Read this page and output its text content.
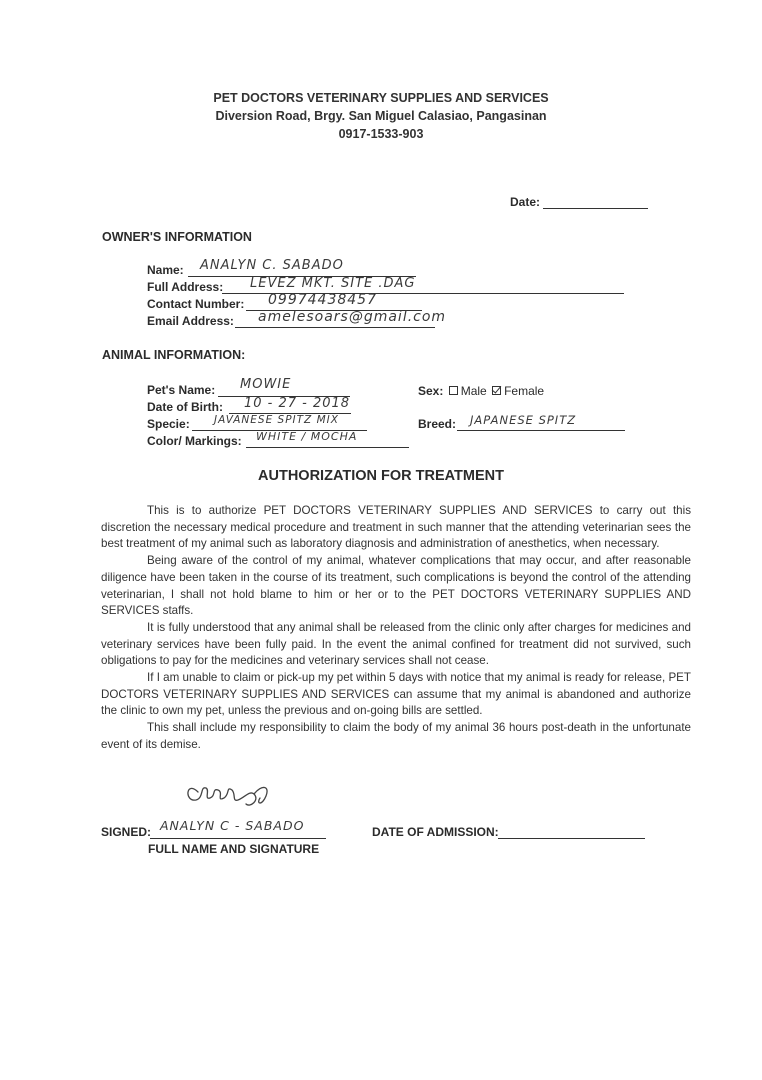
PET DOCTORS VETERINARY SUPPLIES AND SERVICES
Diversion Road, Brgy. San Miguel Calasiao, Pangasinan
0917-1533-903
Date:
OWNER'S INFORMATION
Name: ANALYN C. SABADO
Full Address: LEVEZ MKT. SITE .DAG
Contact Number: 09974438457
Email Address: amelesoars@gmail.com
ANIMAL INFORMATION:
Pet's Name: MOWIE
Date of Birth: 10 - 27 - 2018
Specie: JAVANESE SPITZ MIX
Color/ Markings: WHITE / MOCHA
Sex: Male Female
Breed: JAPANESE SPITZ
AUTHORIZATION FOR TREATMENT

This is to authorize PET DOCTORS VETERINARY SUPPLIES AND SERVICES to carry out this discretion the necessary medical procedure and treatment in such manner that the attending veterinarian sees the best treatment of my animal such as laboratory diagnosis and administration of anesthetics, when necessary.

Being aware of the control of my animal, whatever complications that may occur, and after reasonable diligence have been taken in the course of its treatment, such complications is beyond the control of the attending veterinarian, I shall not hold blame to him or her or to the PET DOCTORS VETERINARY SUPPLIES AND SERVICES staffs.

It is fully understood that any animal shall be released from the clinic only after charges for medicines and veterinary services have been fully paid. In the event the animal confined for treatment did not survived, such obligations to pay for the medicines and veterinary services shall not cease.

If I am unable to claim or pick-up my pet within 5 days with notice that my animal is ready for release, PET DOCTORS VETERINARY SUPPLIES AND SERVICES can assume that my animal is abandoned and authorize the clinic to own my pet, unless the previous and on-going bills are settled.

This shall include my responsibility to claim the body of my animal 36 hours post-death in the unfortunate event of its demise.

SIGNED: ANALYN C - SABADO
FULL NAME AND SIGNATURE
DATE OF ADMISSION:
